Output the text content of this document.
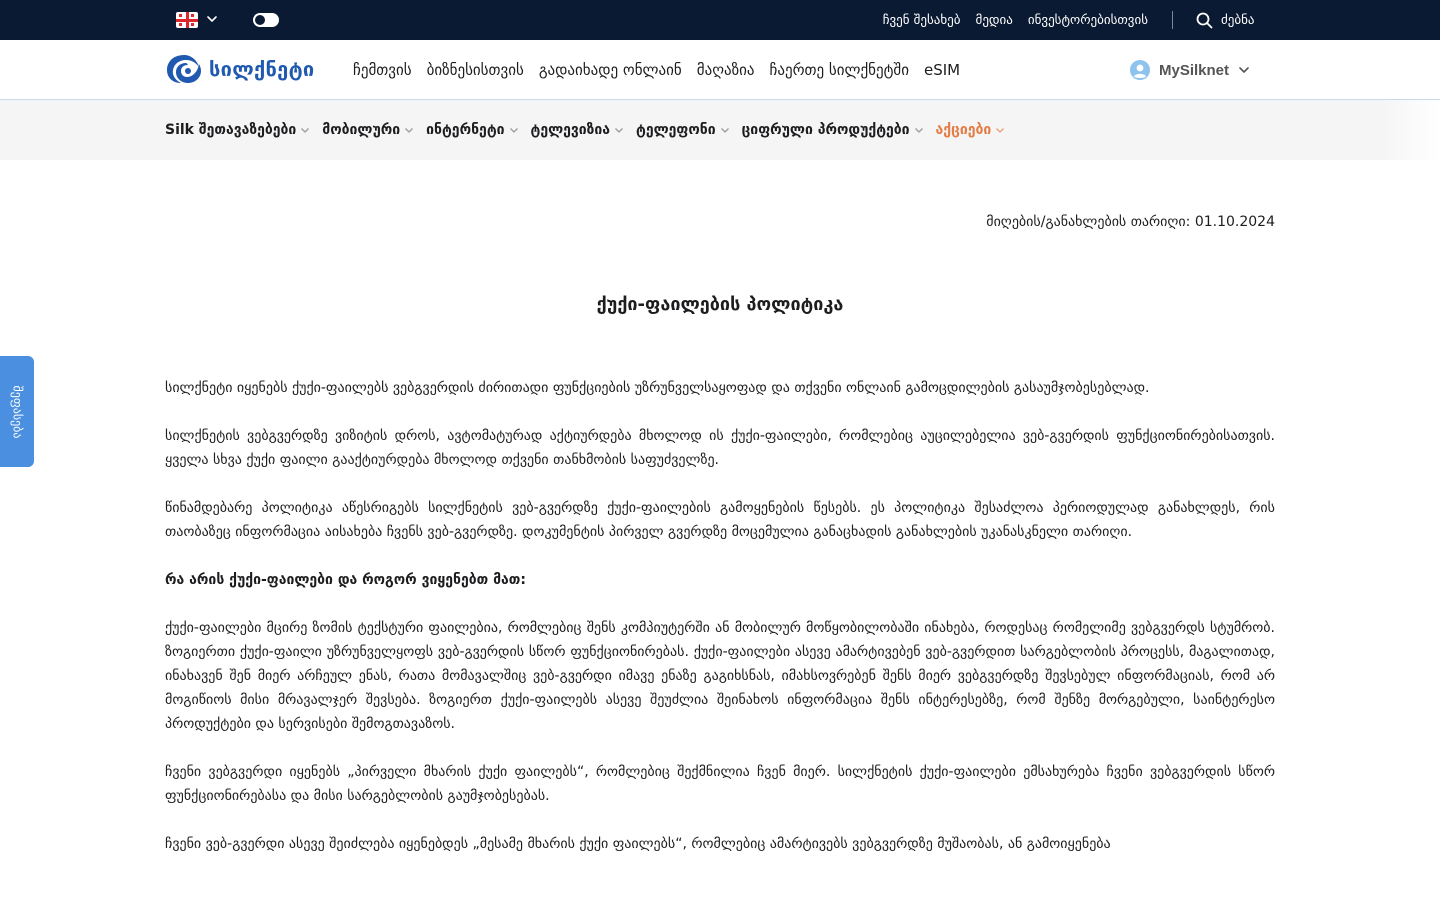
ჩვენ შესახებ მედია ინვესტორებისთვის	ძებნა
სილქნეტი	ჩემთვის ბიზნესისთვის გადაიხადე ონლაინ მაღაზია ჩაერთე სილქნეტში eSIM	MySilknet
Silk შეთავაზებები მობილური ინტერნეტი ტელევიზია ტელეფონი ციფრული პროდუქტები აქციები
მიღების/განახლების თარიღი: 01.10.2024
ქუქი-ფაილების პოლიტიკა

სილქნეტი იყენებს ქუქი-ფაილებს ვებგვერდის ძირითადი ფუნქციების უზრუნველსაყოფად და თქვენი ონლაინ გამოცდილების გასაუმჯობესებლად.

სილქნეტის ვებგვერდზე ვიზიტის დროს, ავტომატურად აქტიურდება მხოლოდ ის ქუქი-ფაილები, რომლებიც აუცილებელია ვებ-გვერდის ფუნქციონირებისათვის. ყველა სხვა ქუქი ფაილი გააქტიურდება მხოლოდ თქვენი თანხმობის საფუძველზე.

წინამდებარე პოლიტიკა აწესრიგებს სილქნეტის ვებ-გვერდზე ქუქი-ფაილების გამოყენების წესებს. ეს პოლიტიკა შესაძლოა პერიოდულად განახლდეს, რის თაობაზეც ინფორმაცია აისახება ჩვენს ვებ-გვერდზე. დოკუმენტის პირველ გვერდზე მოცემულია განაცხადის განახლების უკანასკნელი თარიღი.

რა არის ქუქი-ფაილები და როგორ ვიყენებთ მათ:

ქუქი-ფაილები მცირე ზომის ტექსტური ფაილებია, რომლებიც შენს კომპიუტერში ან მობილურ მოწყობილობაში ინახება, როდესაც რომელიმე ვებგვერდს სტუმრობ. ზოგიერთი ქუქი-ფაილი უზრუნველყოფს ვებ-გვერდის სწორ ფუნქციონირებას. ქუქი-ფაილები ასევე ამარტივებენ ვებ-გვერდით სარგებლობის პროცესს, მაგალითად, ინახავენ შენ მიერ არჩეულ ენას, რათა მომავალშიც ვებ-გვერდი იმავე ენაზე გაგიხსნას, იმახსოვრებენ შენს მიერ ვებგვერდზე შევსებულ ინფორმაციას, რომ არ მოგიწიოს მისი მრავალჯერ შევსება. ზოგიერთ ქუქი-ფაილებს ასევე შეუძლია შეინახოს ინფორმაცია შენს ინტერესებზე, რომ შენზე მორგებული, საინტერესო პროდუქტები და სერვისები შემოგთავაზოს.

ჩვენი ვებგვერდი იყენებს „პირველი მხარის ქუქი ფაილებს“, რომლებიც შექმნილია ჩვენ მიერ. სილქნეტის ქუქი-ფაილები ემსახურება ჩვენი ვებგვერდის სწორ ფუნქციონირებასა და მისი სარგებლობის გაუმჯობესებას.

ჩვენი ვებ-გვერდი ასევე შეიძლება იყენებდეს „მესამე მხარის ქუქი ფაილებს“, რომლებიც ამარტივებს ვებგვერდზე მუშაობას, ან გამოიყენება

შეფასება
